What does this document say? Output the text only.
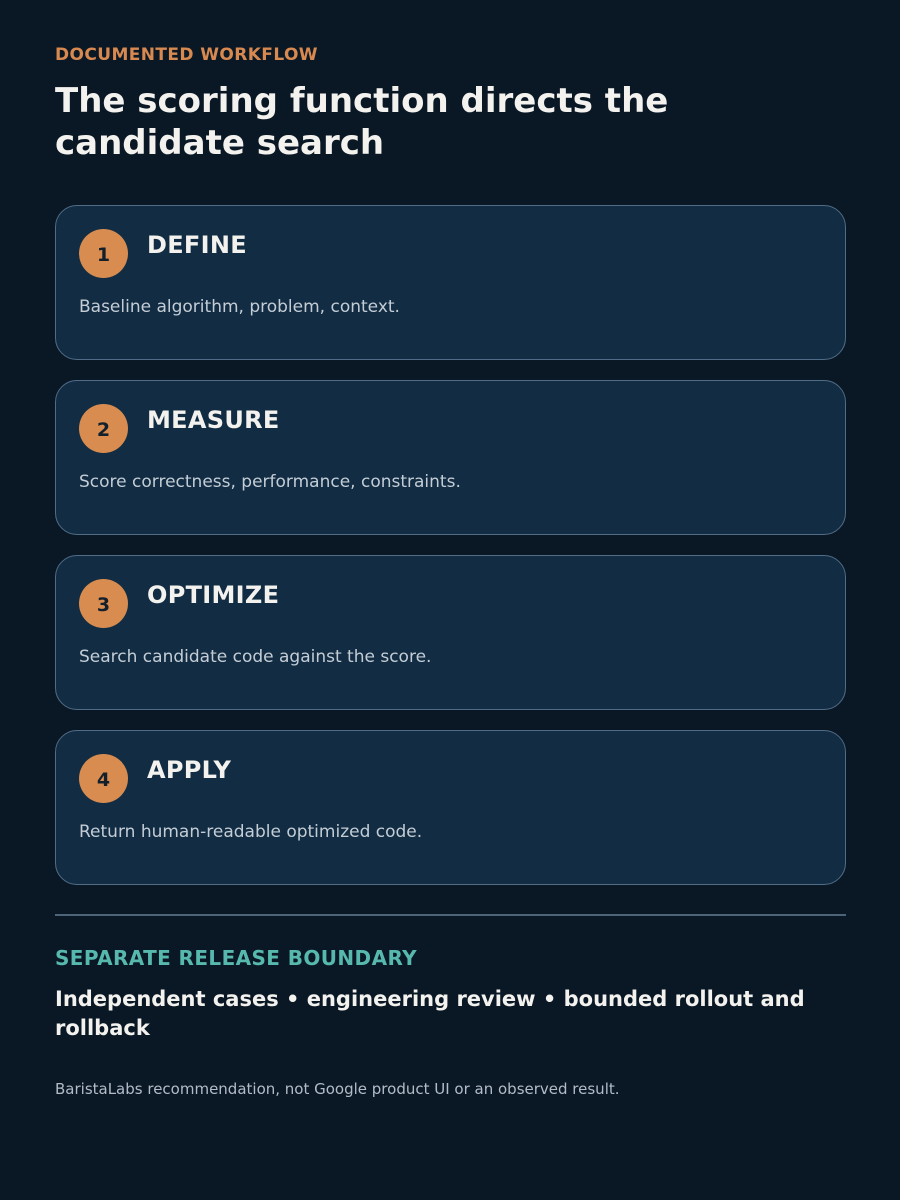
DOCUMENTED WORKFLOW
The scoring function directs the candidate search
1	DEFINE
Baseline algorithm, problem, context.
2	MEASURE
Score correctness, performance, constraints.
3	OPTIMIZE
Search candidate code against the score.
4	APPLY
Return human-readable optimized code.
SEPARATE RELEASE BOUNDARY
Independent cases • engineering review • bounded rollout and rollback
BaristaLabs recommendation, not Google product UI or an observed result.
